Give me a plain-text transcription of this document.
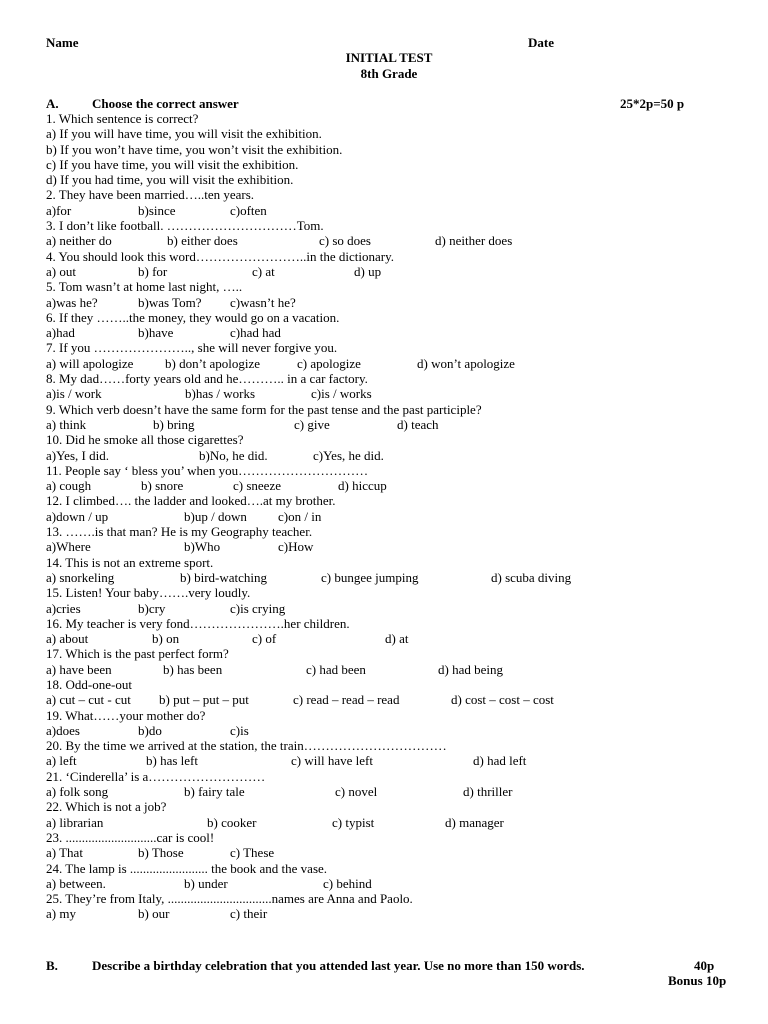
Name	Date
INITIAL TEST
8th Grade
A.	Choose the correct answer	25*2p=50 p
1. Which sentence is correct?
a) If you will have time, you will visit the exhibition.
b) If you won’t have time, you won’t visit the exhibition.
c) If you have time, you will visit the exhibition.
d) If you had time, you will visit the exhibition.
2. They have been married…..ten years.
a)for	b)since	c)often
3. I don’t like football. …………………………Tom.
a) neither do	b) either does	c) so does	d) neither does
4. You should look this word……………………..in the dictionary.
a) out	b) for	c) at	d) up
5. Tom wasn’t at home last night, …..
a)was he?	b)was Tom? c)wasn’t he?
6. If they ……..the money, they would go on a vacation.
a)had	b)have	c)had had
7. If you ………………….., she will never forgive you.
a) will apologize b) don’t apologize	c) apologize	d) won’t apologize
8. My dad……forty years old and he……….. in a car factory.
a)is / work	b)has / works	c)is / works
9. Which verb doesn’t have the same form for the past tense and the past participle?
a) think	b) bring	c) give	d) teach
10. Did he smoke all those cigarettes?
a)Yes, I did.	b)No, he did.	c)Yes, he did.
11. People say ‘ bless you’ when you…………………………
a) cough	b) snore	c) sneeze	d) hiccup
12. I climbed…. the ladder and looked….at my brother.
a)down / up	b)up / down c)on / in
13. …….is that man? He is my Geography teacher.
a)Where	b)Who	c)How
14. This is not an extreme sport.
a) snorkeling	b) bird-watching	c) bungee jumping	d) scuba diving
15. Listen! Your baby…….very loudly.
a)cries	b)cry	c)is crying
16. My teacher is very fond………………….her children.
a) about	b) on	c) of	d) at
17. Which is the past perfect form?
a) have been	b) has been	c) had been	d) had being
18. Odd-one-out
a) cut – cut - cut b) put – put – put	c) read – read – read	d) cost – cost – cost
19. What……your mother do?
a)does	b)do	c)is
20. By the time we arrived at the station, the train……………………………
a) left	b) has left	c) will have left	d) had left
21. ‘Cinderella’ is a………………………
a) folk song	b) fairy tale	c) novel	d) thriller
22. Which is not a job?
a) librarian	b) cooker	c) typist	d) manager
23. ............................car is cool!
a) That	b) Those	c) These
24. The lamp is ........................ the book and the vase.
a) between.	b) under	c) behind
25. They’re from Italy, ................................names are Anna and Paolo.
a) my	b) our	c) their
B.	Describe a birthday celebration that you attended last year. Use no more than 150 words.	40p
Bonus 10p
